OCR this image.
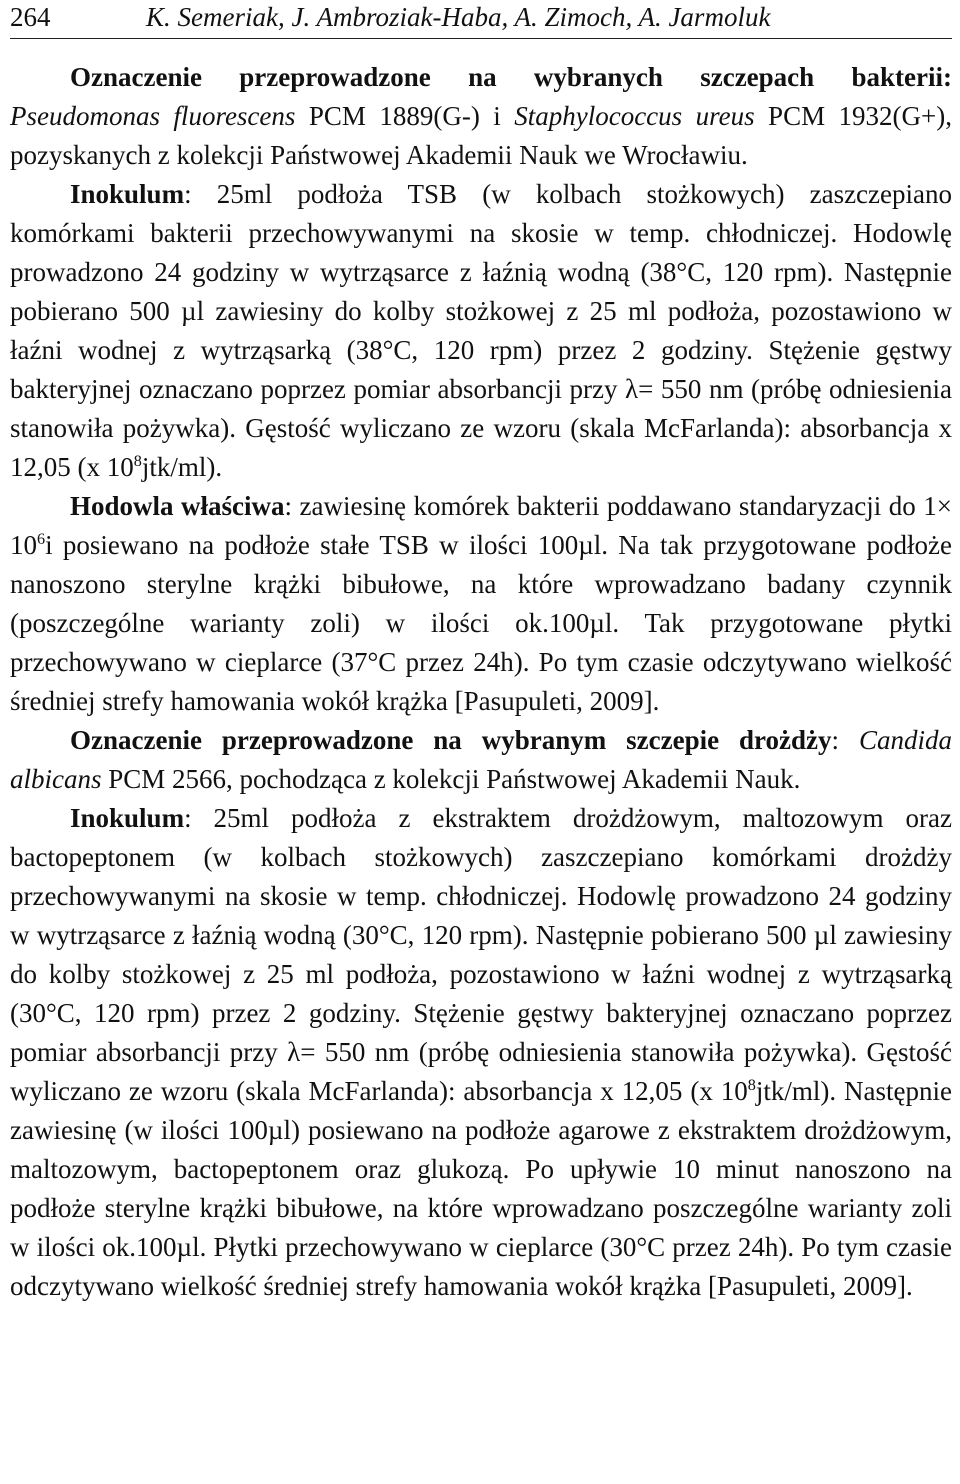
264	K. Semeriak, J. Ambroziak-Haba, A. Zimoch, A. Jarmoluk

Oznaczenie przeprowadzone na wybranych szczepach bakterii: Pseudomonas fluorescens PCM 1889(G-) i Staphylococcus ureus PCM 1932(G+), pozyskanych z kolekcji Państwowej Akademii Nauk we Wrocławiu.

Inokulum: 25ml podłoża TSB (w kolbach stożkowych) zaszczepiano komórkami bakterii przechowywanymi na skosie w temp. chłodniczej. Hodowlę prowadzono 24 godziny w wytrząsarce z łaźnią wodną (38°C, 120 rpm). Następnie pobierano 500 µl zawiesiny do kolby stożkowej z 25 ml podłoża, pozostawiono w łaźni wodnej z wytrząsarką (38°C, 120 rpm) przez 2 godziny. Stężenie gęstwy bakteryjnej oznaczano poprzez pomiar absorbancji przy λ= 550 nm (próbę odniesienia stanowiła pożywka). Gęstość wyliczano ze wzoru (skala McFarlanda): absorbancja x 12,05 (x $10^8jtk/ml$).

Hodowla właściwa: zawiesinę komórek bakterii poddawano standaryzacji do $1\times 10^6i$ posiewano na podłoże stałe TSB w ilości 100µl. Na tak przygotowane podłoże nanoszono sterylne krążki bibułowe, na które wprowadzano badany czynnik (poszczególne warianty zoli) w ilości ok.100µl. Tak przygotowane płytki przechowywano w cieplarce (37°C przez 24h). Po tym czasie odczytywano wielkość średniej strefy hamowania wokół krążka [Pasupuleti, 2009].

Oznaczenie przeprowadzone na wybranym szczepie drożdży: Candida albicans PCM 2566, pochodząca z kolekcji Państwowej Akademii Nauk.

Inokulum: 25ml podłoża z ekstraktem drożdżowym, maltozowym oraz bactopeptonem (w kolbach stożkowych) zaszczepiano komórkami drożdży przechowywanymi na skosie w temp. chłodniczej. Hodowlę prowadzono 24 godziny w wytrząsarce z łaźnią wodną (30°C, 120 rpm). Następnie pobierano 500 µl zawiesiny do kolby stożkowej z 25 ml podłoża, pozostawiono w łaźni wodnej z wytrząsarką (30°C, 120 rpm) przez 2 godziny. Stężenie gęstwy bakteryjnej oznaczano poprzez pomiar absorbancji przy λ= 550 nm (próbę odniesienia stanowiła pożywka). Gęstość wyliczano ze wzoru (skala McFarlanda): absorbancja x 12,05 (x $10^8jtk/ml$). Następnie zawiesinę (w ilości 100µl) posiewano na podłoże agarowe z ekstraktem drożdżowym, maltozowym, bactopeptonem oraz glukozą. Po upływie 10 minut nanoszono na podłoże sterylne krążki bibułowe, na które wprowadzano poszczególne warianty zoli w ilości ok.100µl. Płytki przechowywano w cieplarce (30°C przez 24h). Po tym czasie odczytywano wielkość średniej strefy hamowania wokół krążka [Pasupuleti, 2009].
